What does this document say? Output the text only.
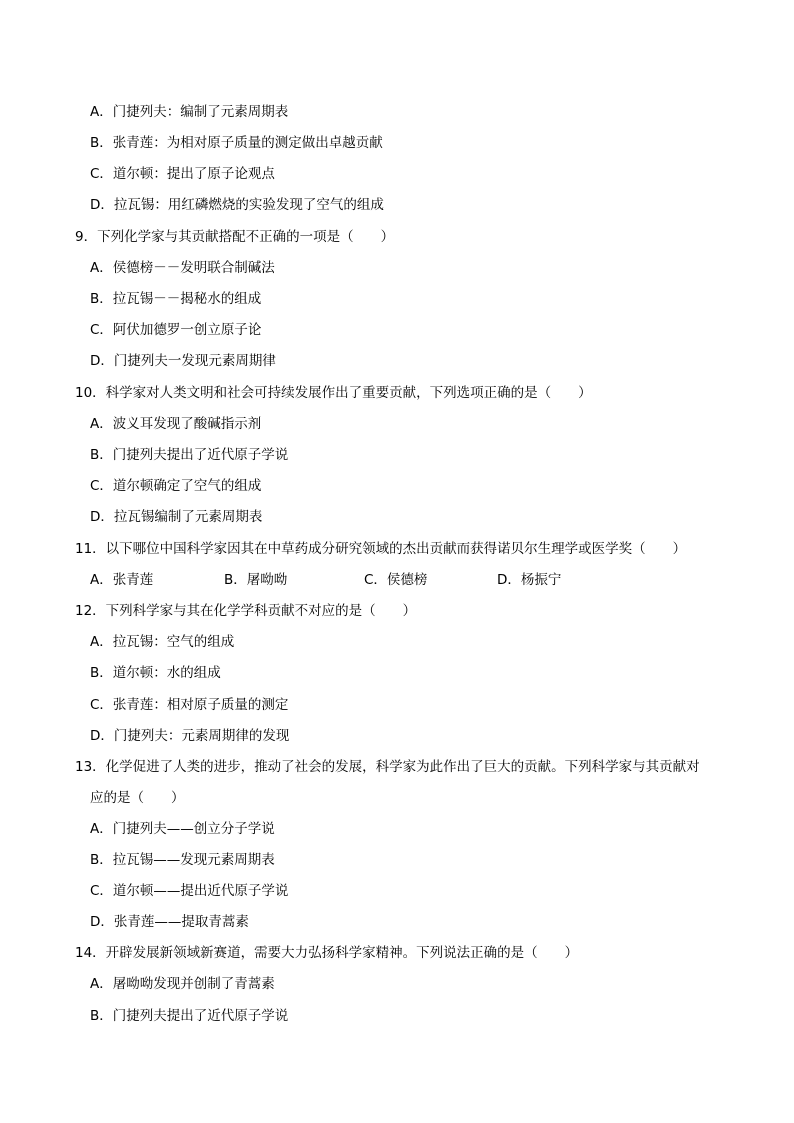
A．门捷列夫：编制了元素周期表
B．张青莲：为相对原子质量的测定做出卓越贡献
C．道尔顿：提出了原子论观点
D．拉瓦锡：用红磷燃烧的实验发现了空气的组成
9．下列化学家与其贡献搭配不正确的一项是（　　）
A．侯德榜－－发明联合制碱法
B．拉瓦锡－－揭秘水的组成
C．阿伏加德罗一创立原子论
D．门捷列夫一发现元素周期律
10．科学家对人类文明和社会可持续发展作出了重要贡献，下列选项正确的是（　　）
A．波义耳发现了酸碱指示剂
B．门捷列夫提出了近代原子学说
C．道尔顿确定了空气的组成
D．拉瓦锡编制了元素周期表
11．以下哪位中国科学家因其在中草药成分研究领域的杰出贡献而获得诺贝尔生理学或医学奖（　　）
A．张青莲	B．屠呦呦	C．侯德榜	D．杨振宁
12．下列科学家与其在化学学科贡献不对应的是（　　）
A．拉瓦锡：空气的组成
B．道尔顿：水的组成
C．张青莲：相对原子质量的测定
D．门捷列夫：元素周期律的发现
13．化学促进了人类的进步，推动了社会的发展，科学家为此作出了巨大的贡献。下列科学家与其贡献对
应的是（　　）
A．门捷列夫——创立分子学说
B．拉瓦锡——发现元素周期表
C．道尔顿——提出近代原子学说
D．张青莲——提取青蒿素
14．开辟发展新领域新赛道，需要大力弘扬科学家精神。下列说法正确的是（　　）
A．屠呦呦发现并创制了青蒿素
B．门捷列夫提出了近代原子学说
